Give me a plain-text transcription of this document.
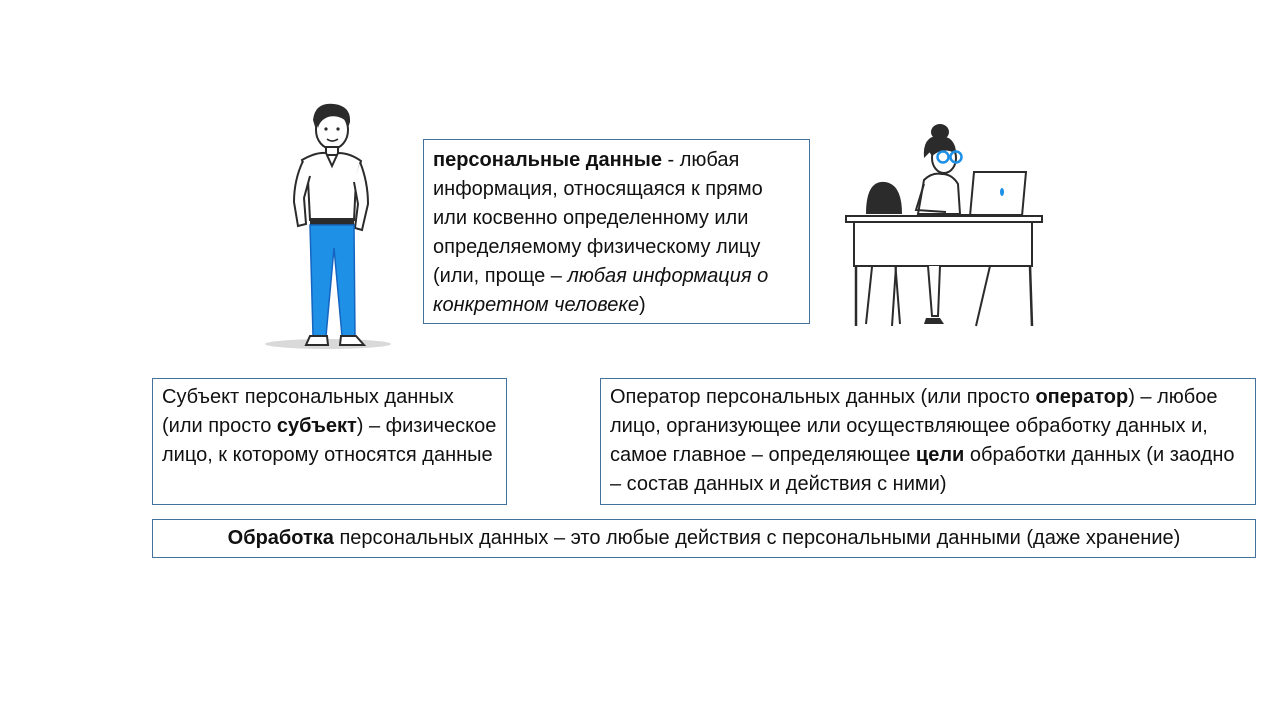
персональные данные - любая информация, относящаяся к прямо или косвенно определенному или определяемому физическому лицу (или, проще – любая информация о конкретном человеке)
Субъект персональных данных (или просто субъект) – физическое лицо, к которому относятся данные
Оператор персональных данных (или просто оператор) – любое лицо, организующее или осуществляющее обработку данных и, самое главное – определяющее цели обработки данных (и заодно – состав данных и действия с ними)
Обработка персональных данных – это любые действия с персональными данными (даже хранение)
